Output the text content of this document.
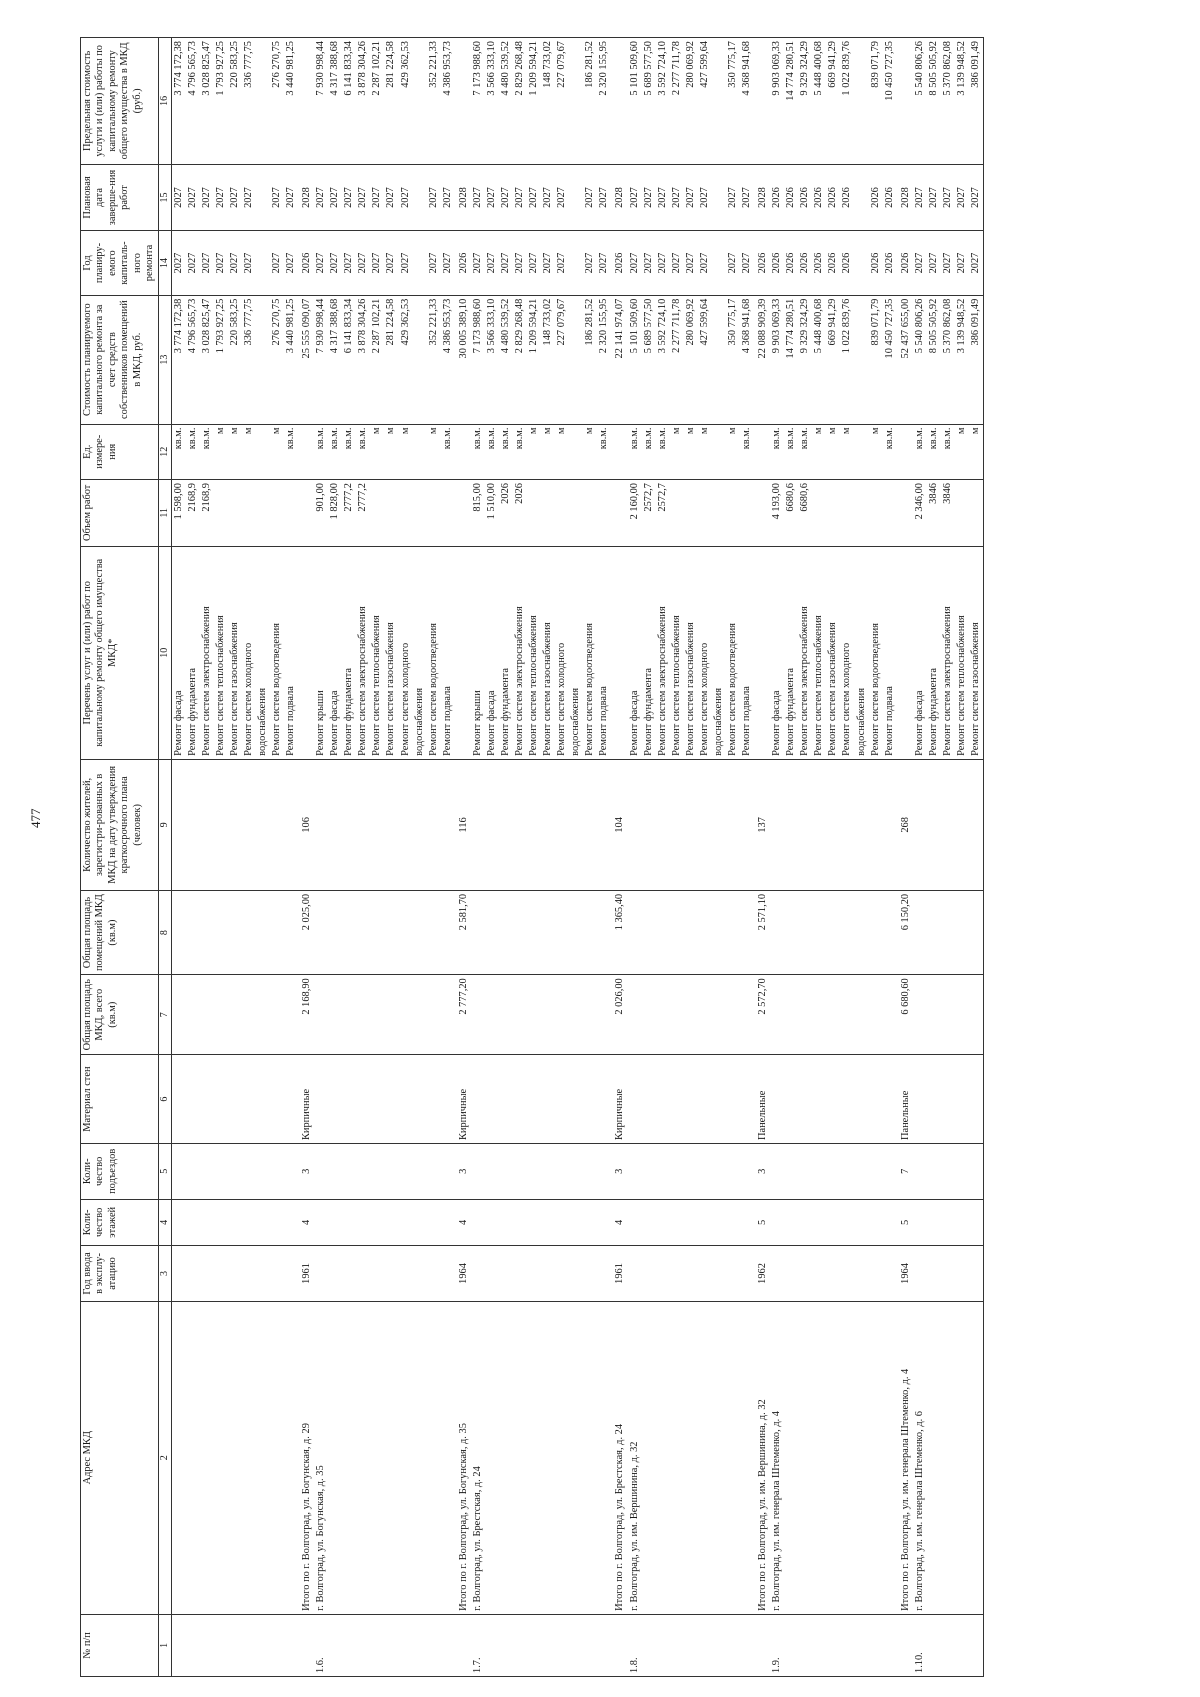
477
№ п/п	Адрес МКД	Год ввода в эксплу-атацию	Коли-чество этажей	Коли-чество подъездов	Материал стен	Общая площадь МКД, всего (кв.м)	Общая площадь помещений МКД (кв.м)	Количество жителей, зарегистри-рованных в МКД на дату утверждения краткосрочного плана (человек)	Перечень услуг и (или) работ по капитальному ремонту общего имущества МКД*	Объем работ	Ед. измере-ния	Стоимость планируемого капитального ремонта за счет средств собственников помещений в МКД, руб.	Год планиру-емого капиталь-ного ремонта	Плановая дата заверше-ния работ	Предельная стоимость услуги и (или) работы по капитальному ремонту общего имущества в МКД (руб.)
1	2	3	4	5	6	7	8	9	10	11	12	13	14	15	16
									Ремонт фасада	1 598,00	кв.м.	3 774 172,38	2027	2027	3 774 172,38
									Ремонт фундамента	2168,9	кв.м.	4 796 565,73	2027	2027	4 796 565,73
									Ремонт систем электроснабжения	2168,9	кв.м.	3 028 825,47	2027	2027	3 028 825,47
									Ремонт систем теплоснабжения		м	1 793 927,25	2027	2027	1 793 927,25
									Ремонт систем газоснабжения		м	220 583,25	2027	2027	220 583,25
									Ремонт систем холодного		м	336 777,75	2027	2027	336 777,75
									водоснабжения						
									Ремонт систем водоотведения		м	276 270,75	2027	2027	276 270,75
									Ремонт подвала		кв.м.	3 440 981,25	2027	2027	3 440 981,25
	Итого по г. Волгоград, ул. Богунская, д. 29	1961	4	3	Кирпичные	2 168,90	2 025,00	106				25 555 090,07	2026	2028	
1.6.	г. Волгоград, ул. Богунская, д. 35								Ремонт крыши	901,00	кв.м.	7 930 998,44	2027	2027	7 930 998,44
									Ремонт фасада	1 828,00	кв.м.	4 317 388,68	2027	2027	4 317 388,68
									Ремонт фундамента	2777,2	кв.м.	6 141 833,34	2027	2027	6 141 833,34
									Ремонт систем электроснабжения	2777,2	кв.м.	3 878 304,26	2027	2027	3 878 304,26
									Ремонт систем теплоснабжения		м	2 287 102,21	2027	2027	2 287 102,21
									Ремонт систем газоснабжения		м	281 224,58	2027	2027	281 224,58
									Ремонт систем холодного		м	429 362,53	2027	2027	429 362,53
									водоснабжения						
									Ремонт систем водоотведения		м	352 221,33	2027	2027	352 221,33
									Ремонт подвала		кв.м.	4 386 953,73	2027	2027	4 386 953,73
	Итого по г. Волгоград, ул. Богунская, д. 35	1964	4	3	Кирпичные	2 777,20	2 581,70	116				30 005 389,10	2026	2028	
1.7.	г. Волгоград, ул. Брестская, д. 24								Ремонт крыши	815,00	кв.м.	7 173 988,60	2027	2027	7 173 988,60
									Ремонт фасада	1 510,00	кв.м.	3 566 333,10	2027	2027	3 566 333,10
									Ремонт фундамента	2026	кв.м.	4 480 539,52	2027	2027	4 480 539,52
									Ремонт систем электроснабжения	2026	кв.м.	2 829 268,48	2027	2027	2 829 268,48
									Ремонт систем теплоснабжения		м	1 209 594,21	2027	2027	1 209 594,21
									Ремонт систем газоснабжения		м	148 733,02	2027	2027	148 733,02
									Ремонт систем холодного		м	227 079,67	2027	2027	227 079,67
									водоснабжения						
									Ремонт систем водоотведения		м	186 281,52	2027	2027	186 281,52
									Ремонт подвала		кв.м.	2 320 155,95	2027	2027	2 320 155,95
	Итого по г. Волгоград, ул. Брестская, д. 24	1961	4	3	Кирпичные	2 026,00	1 365,40	104				22 141 974,07	2026	2028	
1.8.	г. Волгоград, ул. им. Вершинина, д. 32								Ремонт фасада	2 160,00	кв.м.	5 101 509,60	2027	2027	5 101 509,60
									Ремонт фундамента	2572,7	кв.м.	5 689 577,50	2027	2027	5 689 577,50
									Ремонт систем электроснабжения	2572,7	кв.м.	3 592 724,10	2027	2027	3 592 724,10
									Ремонт систем теплоснабжения		м	2 277 711,78	2027	2027	2 277 711,78
									Ремонт систем газоснабжения		м	280 069,92	2027	2027	280 069,92
									Ремонт систем холодного		м	427 599,64	2027	2027	427 599,64
									водоснабжения						
									Ремонт систем водоотведения		м	350 775,17	2027	2027	350 775,17
									Ремонт подвала		кв.м.	4 368 941,68	2027	2027	4 368 941,68
	Итого по г. Волгоград, ул. им. Вершинина, д. 32	1962	5	3	Панельные	2 572,70	2 571,10	137				22 088 909,39	2026	2028	
1.9.	г. Волгоград, ул. им. генерала Штеменко, д. 4								Ремонт фасада	4 193,00	кв.м.	9 903 069,33	2026	2026	9 903 069,33
									Ремонт фундамента	6680,6	кв.м.	14 774 280,51	2026	2026	14 774 280,51
									Ремонт систем электроснабжения	6680,6	кв.м.	9 329 324,29	2026	2026	9 329 324,29
									Ремонт систем теплоснабжения		м	5 448 400,68	2026	2026	5 448 400,68
									Ремонт систем газоснабжения		м	669 941,29	2026	2026	669 941,29
									Ремонт систем холодного		м	1 022 839,76	2026	2026	1 022 839,76
									водоснабжения						
									Ремонт систем водоотведения		м	839 071,79	2026	2026	839 071,79
									Ремонт подвала		кв.м.	10 450 727,35	2026	2026	10 450 727,35
	Итого по г. Волгоград, ул. им. генерала Штеменко, д. 4	1964	5	7	Панельные	6 680,60	6 150,20	268				52 437 655,00	2026	2028	
1.10.	г. Волгоград, ул. им. генерала Штеменко, д. 6								Ремонт фасада	2 346,00	кв.м.	5 540 806,26	2027	2027	5 540 806,26
									Ремонт фундамента	3846	кв.м.	8 505 505,92	2027	2027	8 505 505,92
									Ремонт систем электроснабжения	3846	кв.м.	5 370 862,08	2027	2027	5 370 862,08
									Ремонт систем теплоснабжения		м	3 139 948,52	2027	2027	3 139 948,52
									Ремонт систем газоснабжения		м	386 091,49	2027	2027	386 091,49
